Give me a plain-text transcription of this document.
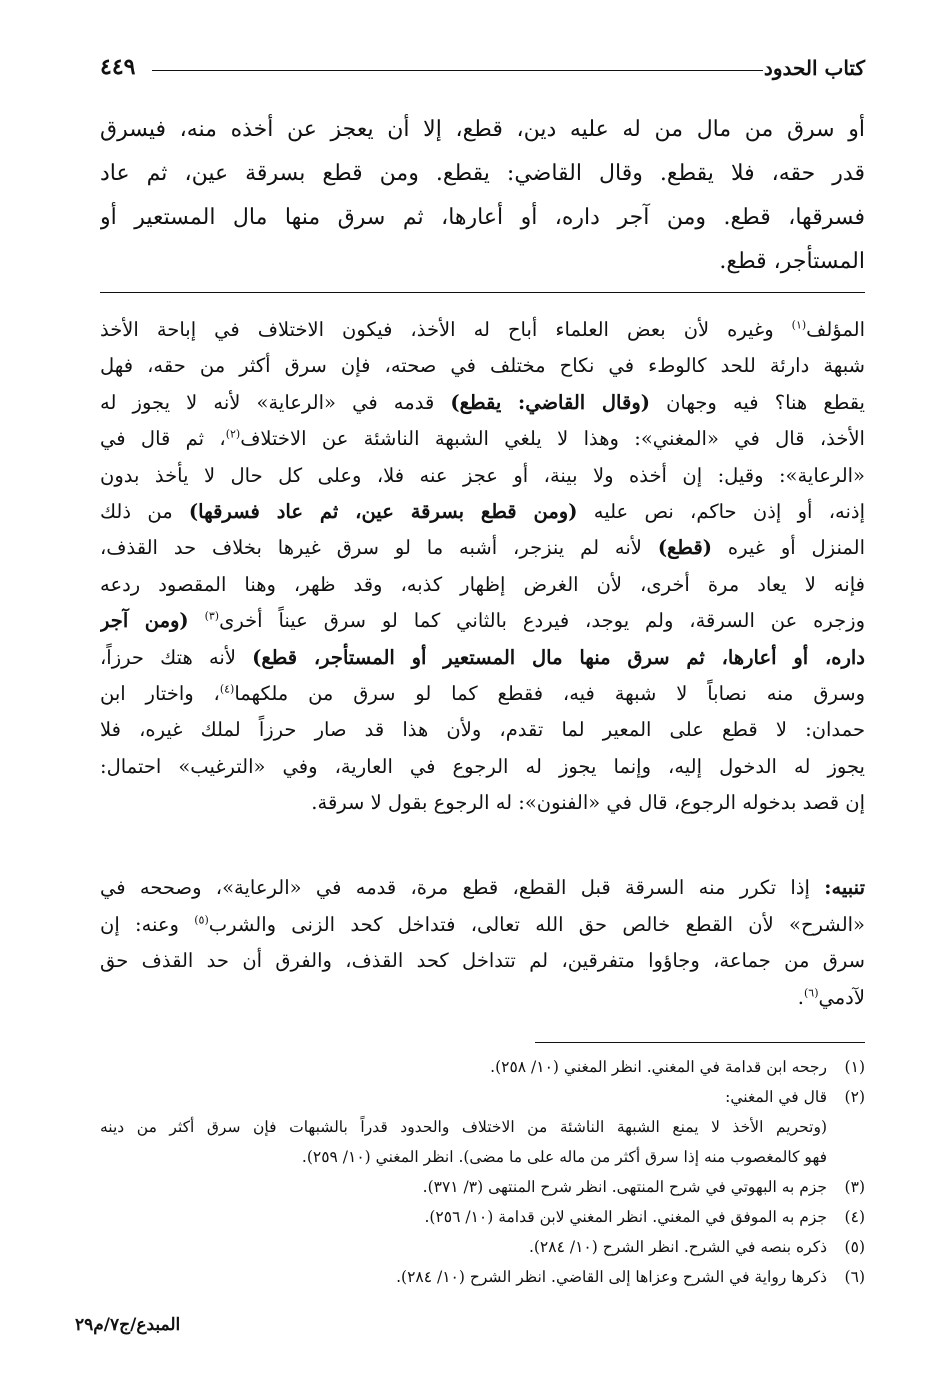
كتاب الحدود
٤٤٩
أو سرق من مال من له عليه دين، قطع، إلا أن يعجز عن أخذه منه، فيسرق
قدر حقه، فلا يقطع. وقال القاضي: يقطع. ومن قطع بسرقة عين، ثم عاد
فسرقها، قطع. ومن آجر داره، أو أعارها، ثم سرق منها مال المستعير أو
المستأجر، قطع.
المؤلف$^{(١)}$ وغيره لأن بعض العلماء أباح له الأخذ، فيكون الاختلاف في إباحة الأخذ
شبهة دارئة للحد كالوطء في نكاح مختلف في صحته، فإن سرق أكثر من حقه، فهل
يقطع هنا؟ فيه وجهان (وقال القاضي: يقطع) قدمه في «الرعاية» لأنه لا يجوز له
الأخذ، قال في «المغني»: وهذا لا يلغي الشبهة الناشئة عن الاختلاف$^{(٢)}$، ثم قال في
«الرعاية»: وقيل: إن أخذه ولا بينة، أو عجز عنه فلا، وعلى كل حال لا يأخذ بدون
إذنه، أو إذن حاكم، نص عليه (ومن قطع بسرقة عين، ثم عاد فسرقها) من ذلك
المنزل أو غيره (قطع) لأنه لم ينزجر، أشبه ما لو سرق غيرها بخلاف حد القذف،
فإنه لا يعاد مرة أخرى، لأن الغرض إظهار كذبه، وقد ظهر، وهنا المقصود ردعه
وزجره عن السرقة، ولم يوجد، فيردع بالثاني كما لو سرق عيناً أخرى$^{(٣)}$ (ومن آجر
داره، أو أعارها، ثم سرق منها مال المستعير أو المستأجر، قطع) لأنه هتك حرزاً،
وسرق منه نصاباً لا شبهة فيه، فقطع كما لو سرق من ملكهما$^{(٤)}$، واختار ابن
حمدان: لا قطع على المعير لما تقدم، ولأن هذا قد صار حرزاً لملك غيره، فلا
يجوز له الدخول إليه، وإنما يجوز له الرجوع في العارية، وفي «الترغيب» احتمال:
إن قصد بدخوله الرجوع، قال في «الفنون»: له الرجوع بقول لا سرقة.
تنبيه: إذا تكرر منه السرقة قبل القطع، قطع مرة، قدمه في «الرعاية»، وصححه في
«الشرح» لأن القطع خالص حق الله تعالى، فتداخل كحد الزنى والشرب$^{(٥)}$ وعنه: إن
سرق من جماعة، وجاؤوا متفرقين، لم تتداخل كحد القذف، والفرق أن حد القذف حق
لآدمي$^{(٦)}$.
(١)
رجحه ابن قدامة في المغني. انظر المغني (١٠/ ٢٥٨).
(٢)
قال في المغني:
(وتحريم الأخذ لا يمنع الشبهة الناشئة من الاختلاف والحدود قدراً بالشبهات فإن سرق أكثر من دينه
فهو كالمغصوب منه إذا سرق أكثر من ماله على ما مضى). انظر المغني (١٠/ ٢٥٩).
(٣)
جزم به البهوتي في شرح المنتهى. انظر شرح المنتهى (٣/ ٣٧١).
(٤)
جزم به الموفق في المغني. انظر المغني لابن قدامة (١٠/ ٢٥٦).
(٥)
ذكره بنصه في الشرح. انظر الشرح (١٠/ ٢٨٤).
(٦)
ذكرها رواية في الشرح وعزاها إلى القاضي. انظر الشرح (١٠/ ٢٨٤).
المبدع/ج٧/م٢٩
